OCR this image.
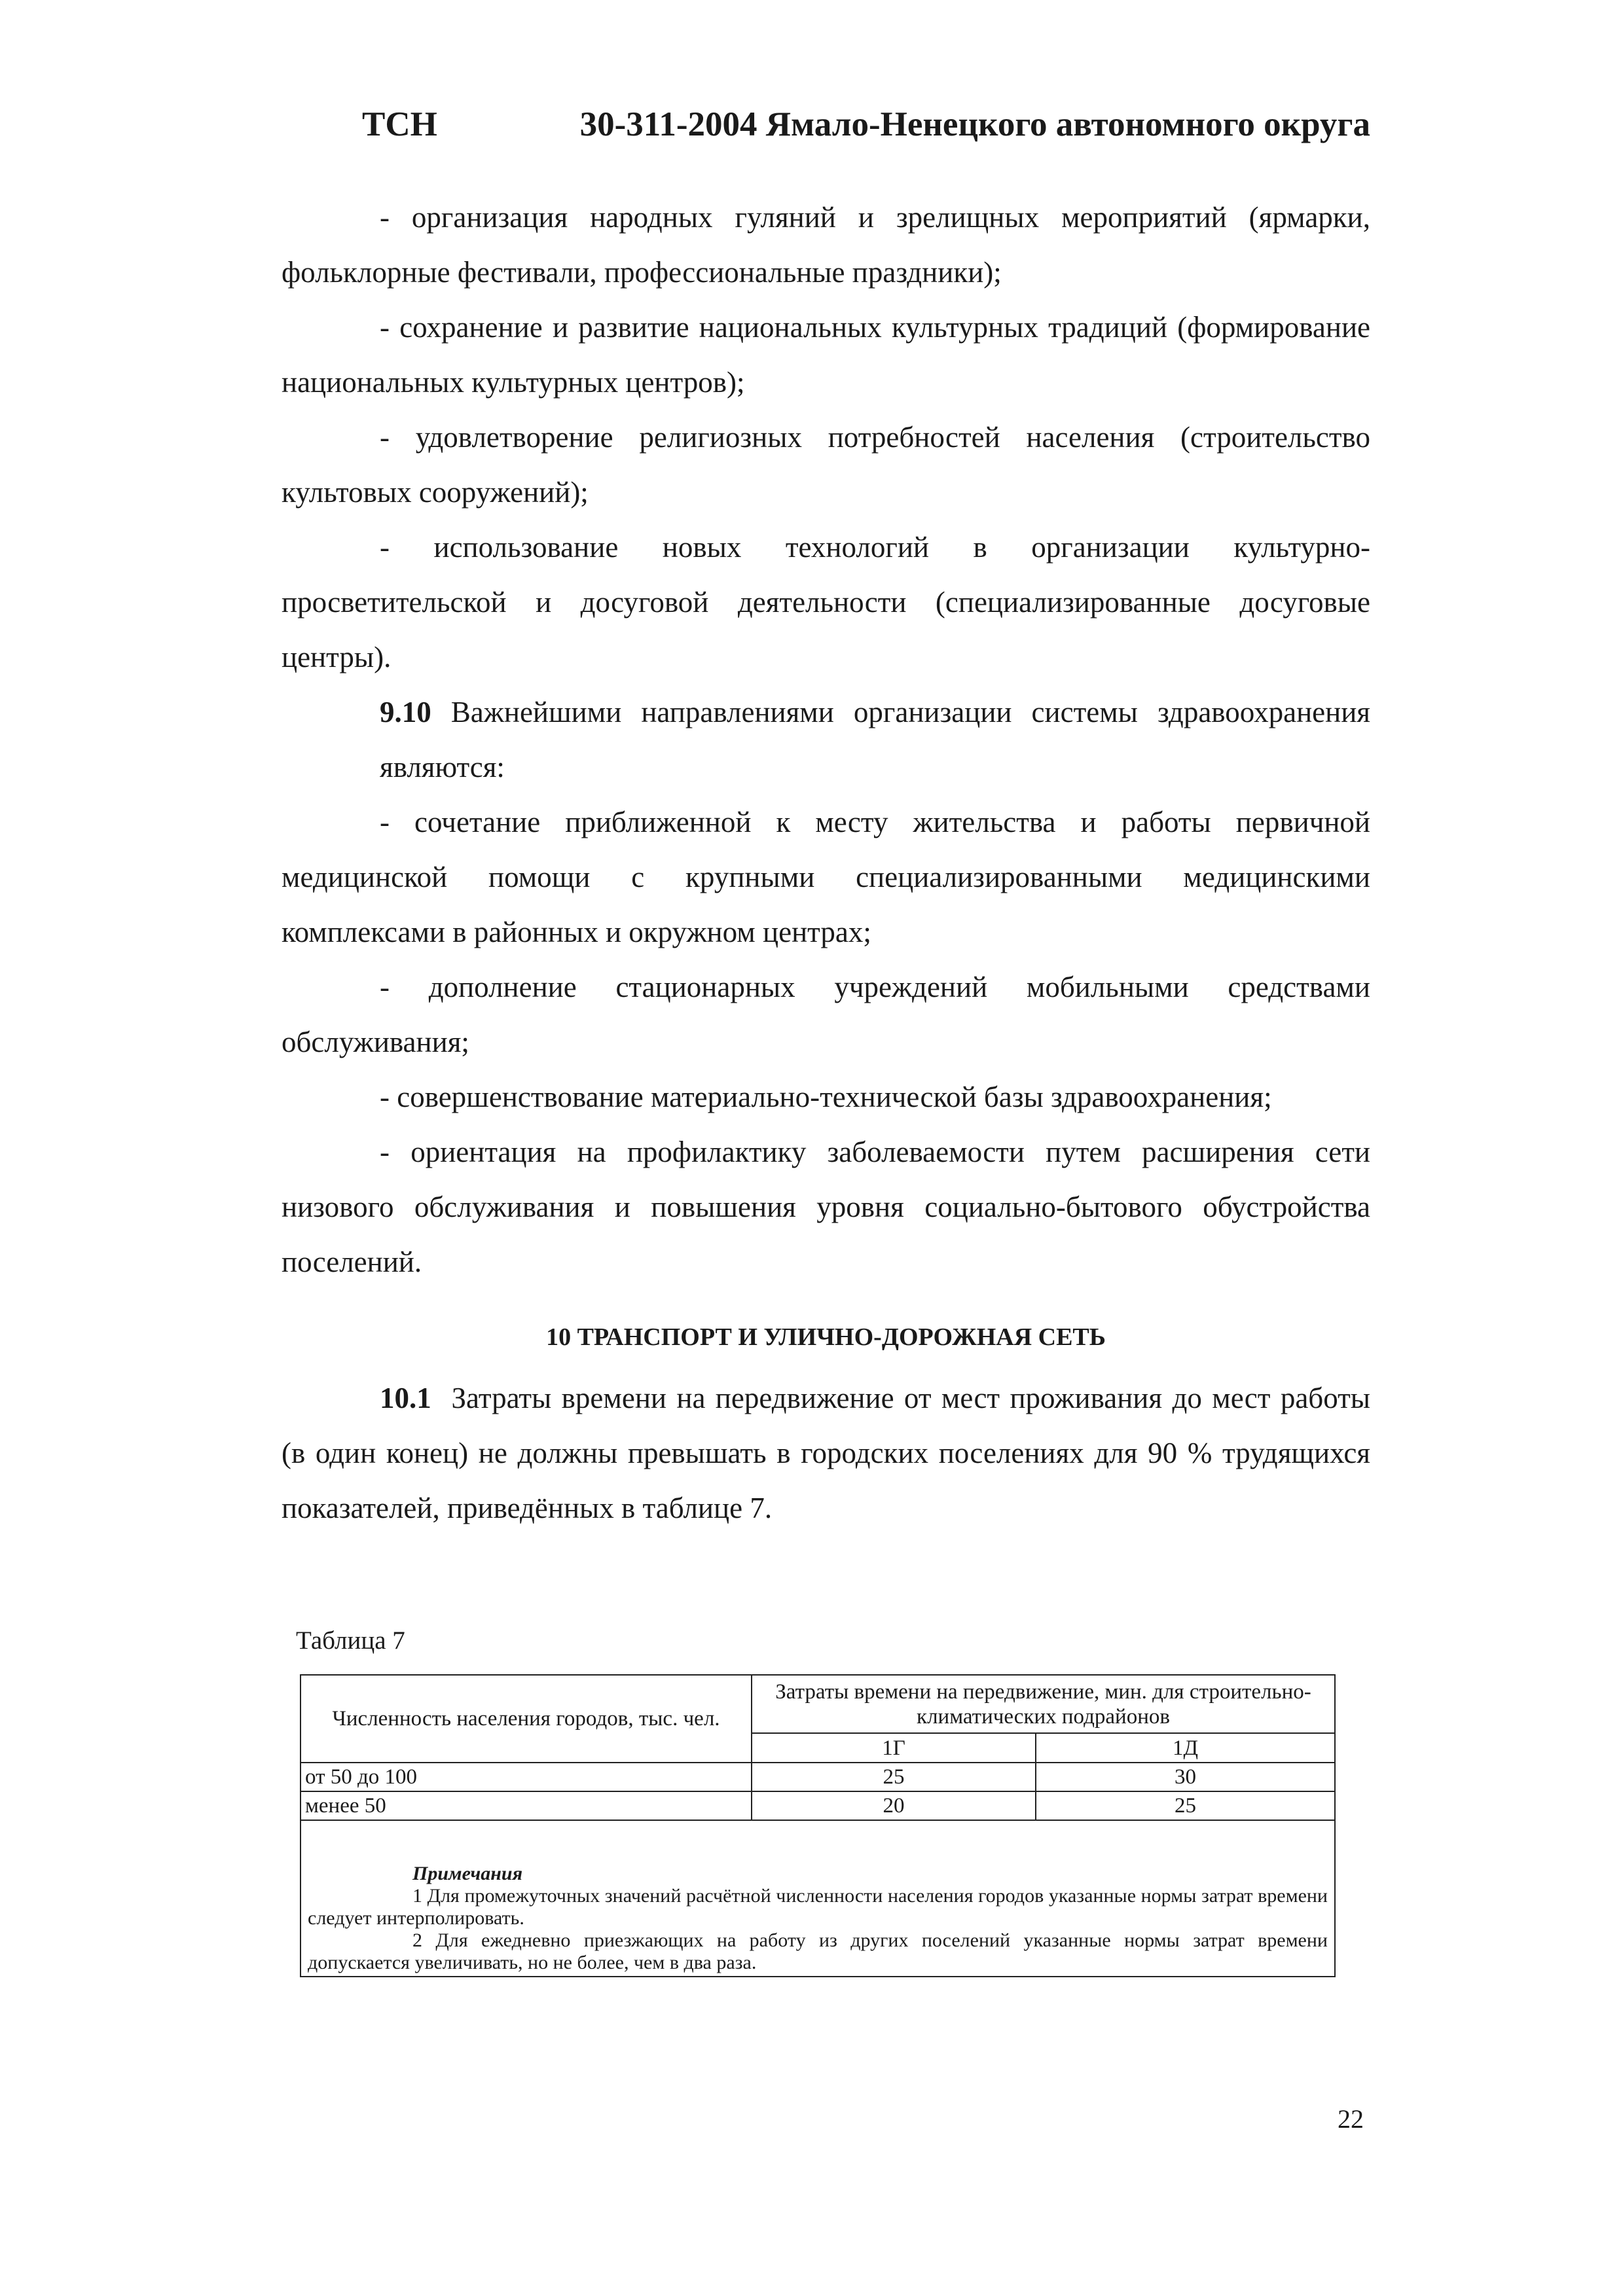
ТСН	30-311-2004 Ямало-Ненецкого автономного округа

- организация народных гуляний и зрелищных мероприятий (ярмарки, фольклорные фестивали, профессиональные праздники);

- сохранение и развитие национальных культурных традиций (формирование национальных культурных центров);

- удовлетворение религиозных потребностей населения (строительство культовых сооружений);

- использование новых технологий в организации культурно-просветительской и досуговой деятельности (специализированные досуговые центры).

9.10 Важнейшими направлениями организации системы здравоохранения являются:

- сочетание приближенной к месту жительства и работы первичной медицинской помощи с крупными специализированными медицинскими комплексами в районных и окружном центрах;

- дополнение стационарных учреждений мобильными средствами обслуживания;

- совершенствование материально-технической базы здравоохранения;

- ориентация на профилактику заболеваемости путем расширения сети низового обслуживания и повышения уровня социально-бытового обустройства поселений.

10 ТРАНСПОРТ И УЛИЧНО-ДОРОЖНАЯ СЕТЬ

10.1 Затраты времени на передвижение от мест проживания до мест работы (в один конец) не должны превышать в городских поселениях для 90 % трудящихся показателей, приведённых в таблице 7.

Таблица 7
Численность населения городов, тыс. чел.	Затраты времени на передвижение, мин. для строительно-климатических подрайонов	
	1Г	1Д
от 50 до 100	25	30
менее 50	20	25
Примечания

1 Для промежуточных значений расчётной численности населения городов указанные нормы затрат времени следует интерполировать.

2 Для ежедневно приезжающих на работу из других поселений указанные нормы затрат времени допускается увеличивать, но не более, чем в два раза.

22
